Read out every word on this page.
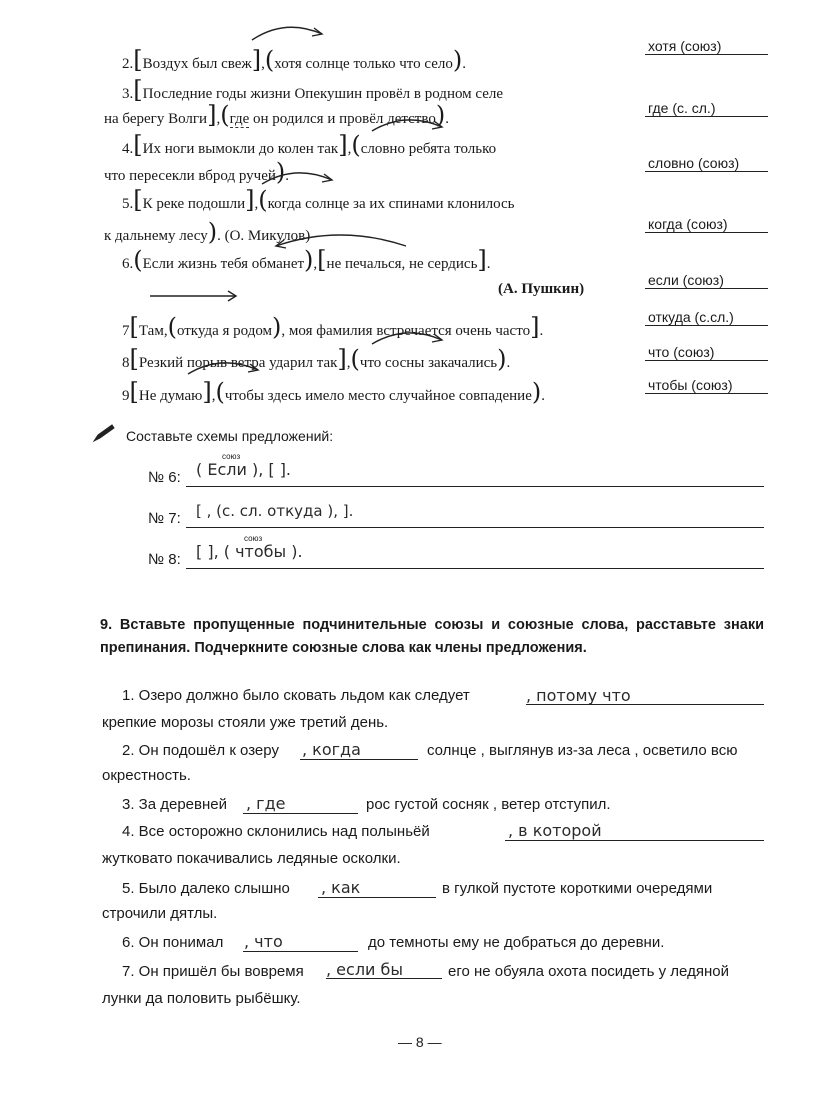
2.[Воздух был свеж],(хотя солнце только что село).
хотя (союз)
3.[Последние годы жизни Опекушин провёл в родном селе
на берегу Волги],(где он родился и провёл детство).
где (с. сл.)
4.[Их ноги вымокли до колен так],(словно ребята только
что пересекли вброд ручей).
словно (союз)
5.[К реке подошли],(когда солнце за их спинами клонилось
к дальнему лесу). (О. Микулов)
когда (союз)
6.(Если жизнь тебя обманет),[не печалься, не сердись].
(А. Пушкин)
если (союз)
7[Там,(откуда я родом), моя фамилия встречается очень часто].
откуда (с.сл.)
8[Резкий порыв ветра ударил так],(что сосны закачались).
что (союз)
9[Не думаю],(чтобы здесь имело место случайное совпадение).
чтобы (союз)
Составьте схемы предложений:
№ 6: ( Если ), [ ].
союз
№ 7: [ , (с. сл. откуда ), ].
№ 8: [ ], ( чтобы ).
союз
9. Вставьте пропущенные подчинительные союзы и союзные слова, расставьте знаки препинания. Подчеркните союзные слова как члены предложения.
1. Озеро должно было сковать льдом как следует	, потому что
крепкие морозы стояли уже третий день.
2. Он подошёл к озеру , когда	солнце , выглянув из-за леса , осветило всю
окрестность.
3. За деревней , где	рос густой сосняк , ветер отступил.
4. Все осторожно склонились над полыньёй	, в которой
жутковато покачивались ледяные осколки.
5. Было далеко слышно , как	в гулкой пустоте короткими очередями
строчили дятлы.
6. Он понимал , что	до темноты ему не добраться до деревни.
7. Он пришёл бы вовремя , если бы	его не обуяла охота посидеть у ледяной
лунки да половить рыбёшку.
— 8 —
